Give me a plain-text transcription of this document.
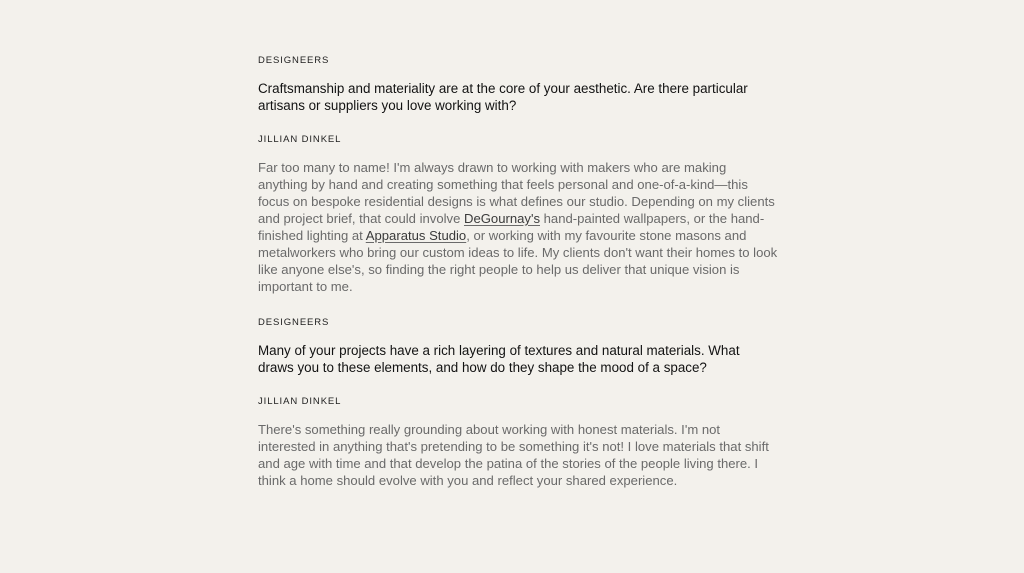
DESIGNEERS

Craftsmanship and materiality are at the core of your aesthetic. Are there particular artisans or suppliers you love working with?

JILLIAN DINKEL

Far too many to name! I'm always drawn to working with makers who are making anything by hand and creating something that feels personal and one-of-a-kind—this focus on bespoke residential designs is what defines our studio. Depending on my clients and project brief, that could involve DeGournay's hand-painted wallpapers, or the hand-finished lighting at Apparatus Studio, or working with my favourite stone masons and metalworkers who bring our custom ideas to life. My clients don't want their homes to look like anyone else's, so finding the right people to help us deliver that unique vision is important to me.

DESIGNEERS

Many of your projects have a rich layering of textures and natural materials. What draws you to these elements, and how do they shape the mood of a space?

JILLIAN DINKEL

There's something really grounding about working with honest materials. I'm not interested in anything that's pretending to be something it's not! I love materials that shift and age with time and that develop the patina of the stories of the people living there. I think a home should evolve with you and reflect your shared experience.
